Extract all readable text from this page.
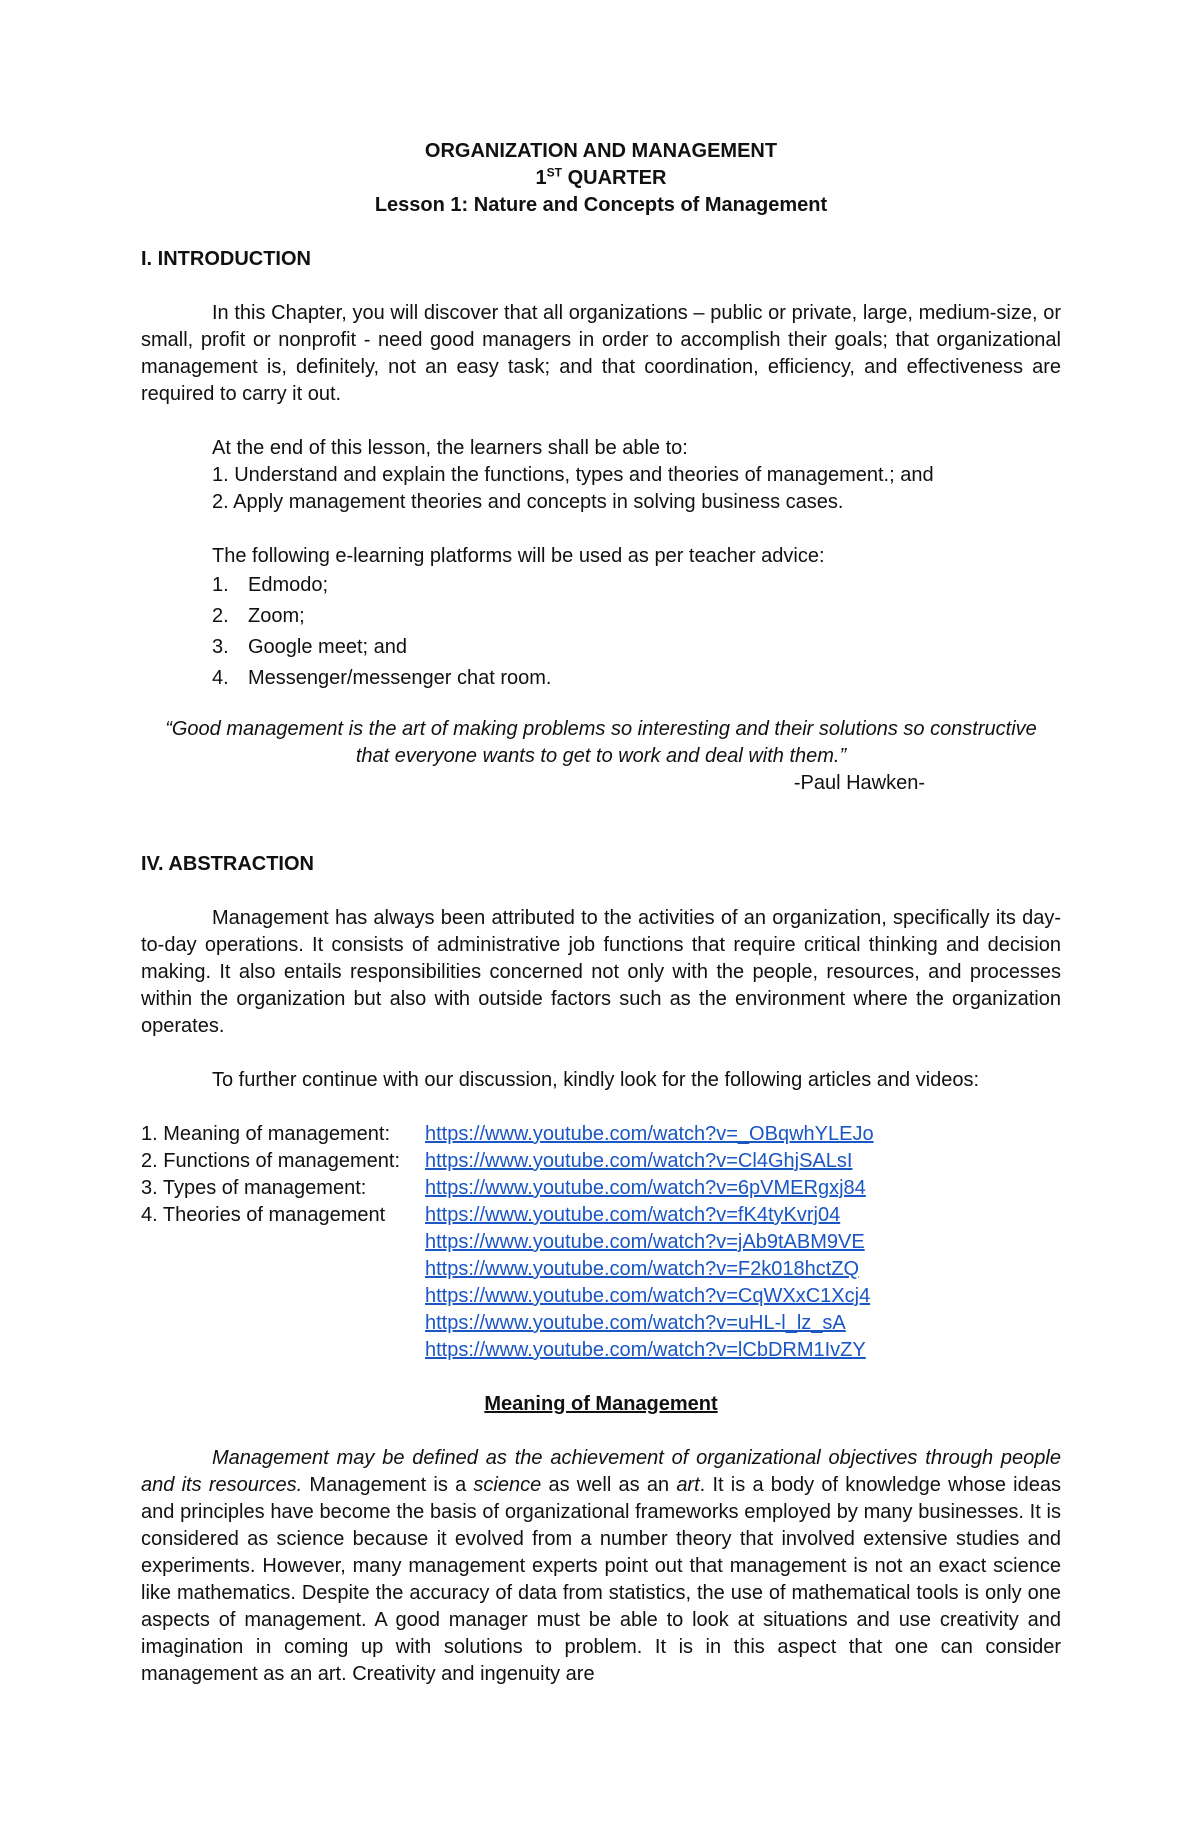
ORGANIZATION AND MANAGEMENT
1ST QUARTER
Lesson 1: Nature and Concepts of Management

I. INTRODUCTION

In this Chapter, you will discover that all organizations – public or private, large, medium-size, or small, profit or nonprofit - need good managers in order to accomplish their goals; that organizational management is, definitely, not an easy task; and that coordination, efficiency, and effectiveness are required to carry it out.

At the end of this lesson, the learners shall be able to:

1. Understand and explain the functions, types and theories of management.; and

2. Apply management theories and concepts in solving business cases.

The following e-learning platforms will be used as per teacher advice:

1. Edmodo;
2. Zoom;
3. Google meet; and
4. Messenger/messenger chat room.

“Good management is the art of making problems so interesting and their solutions so constructive that everyone wants to get to work and deal with them.”

-Paul Hawken-

IV. ABSTRACTION

Management has always been attributed to the activities of an organization, specifically its day-to-day operations. It consists of administrative job functions that require critical thinking and decision making. It also entails responsibilities concerned not only with the people, resources, and processes within the organization but also with outside factors such as the environment where the organization operates.

To further continue with our discussion, kindly look for the following articles and videos:

1. Meaning of management:	https://www.youtube.com/watch?v=_OBqwhYLEJo
2. Functions of management:	https://www.youtube.com/watch?v=Cl4GhjSALsI
3. Types of management:	https://www.youtube.com/watch?v=6pVMERgxj84
4. Theories of management	https://www.youtube.com/watch?v=fK4tyKvrj04
https://www.youtube.com/watch?v=jAb9tABM9VE
https://www.youtube.com/watch?v=F2k018hctZQ
https://www.youtube.com/watch?v=CqWXxC1Xcj4
https://www.youtube.com/watch?v=uHL-l_lz_sA
https://www.youtube.com/watch?v=lCbDRM1IvZY

Meaning of Management

Management may be defined as the achievement of organizational objectives through people and its resources. Management is a science as well as an art. It is a body of knowledge whose ideas and principles have become the basis of organizational frameworks employed by many businesses. It is considered as science because it evolved from a number theory that involved extensive studies and experiments. However, many management experts point out that management is not an exact science like mathematics. Despite the accuracy of data from statistics, the use of mathematical tools is only one aspects of management. A good manager must be able to look at situations and use creativity and imagination in coming up with solutions to problem. It is in this aspect that one can consider management as an art. Creativity and ingenuity are
